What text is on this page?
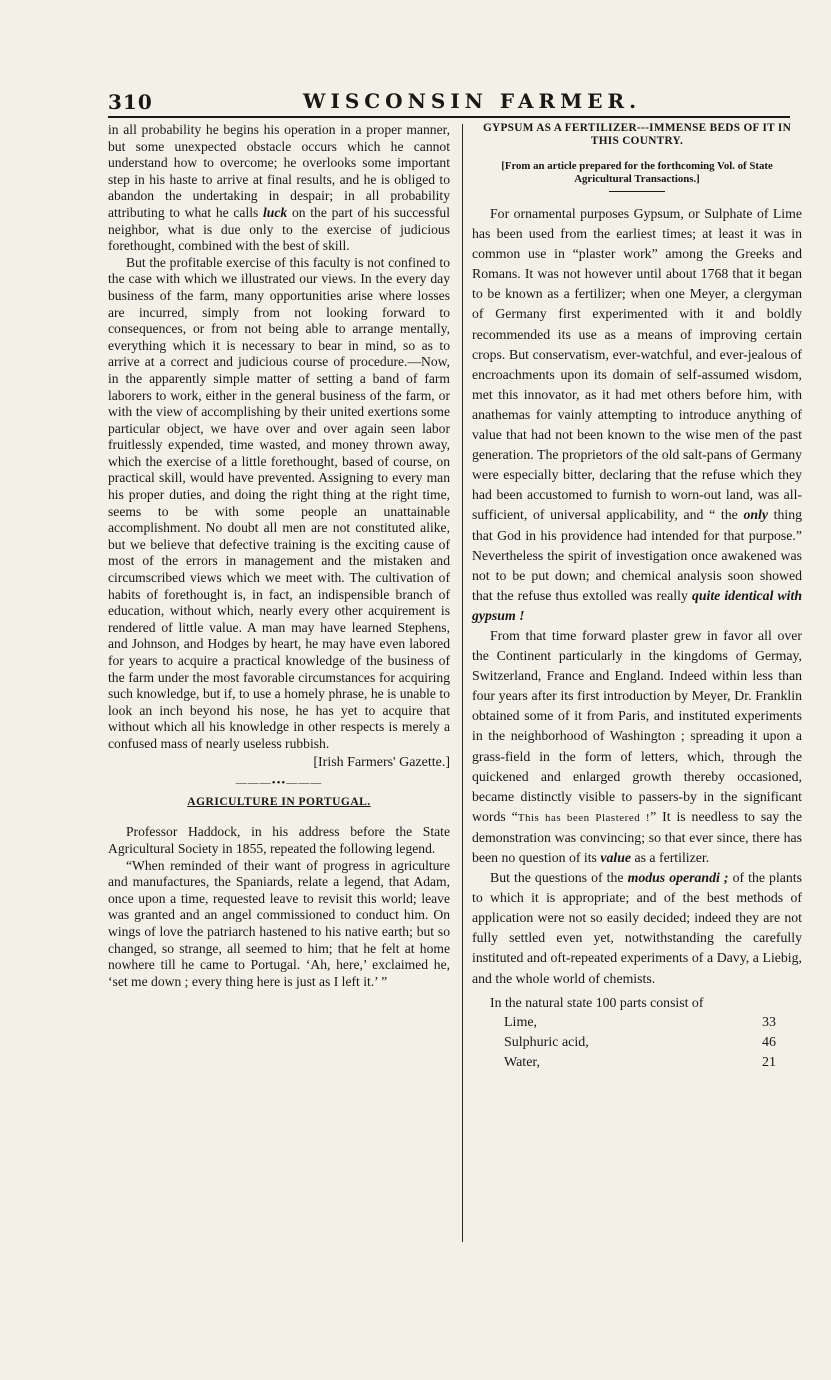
310	WISCONSIN FARMER.

in all probability he begins his operation in a proper manner, but some unexpected obstacle occurs which he cannot understand how to overcome; he overlooks some important step in his haste to arrive at final results, and he is obliged to abandon the undertaking in despair; in all probability attributing to what he calls luck on the part of his successful neighbor, what is due only to the exercise of judicious forethought, combined with the best of skill.

But the profitable exercise of this faculty is not confined to the case with which we illustrated our views. In the every day business of the farm, many opportunities arise where losses are incurred, simply from not looking forward to consequences, or from not being able to arrange mentally, everything which it is necessary to bear in mind, so as to arrive at a correct and judicious course of procedure.—Now, in the apparently simple matter of setting a band of farm laborers to work, either in the general business of the farm, or with the view of accomplishing by their united exertions some particular object, we have over and over again seen labor fruitlessly expended, time wasted, and money thrown away, which the exercise of a little forethought, based of course, on practical skill, would have prevented. Assigning to every man his proper duties, and doing the right thing at the right time, seems to be with some people an unattainable accomplishment. No doubt all men are not constituted alike, but we believe that defective training is the exciting cause of most of the errors in management and the mistaken and circumscribed views which we meet with. The cultivation of habits of forethought is, in fact, an indispensible branch of education, without which, nearly every other acquirement is rendered of little value. A man may have learned Stephens, and Johnson, and Hodges by heart, he may have even labored for years to acquire a practical knowledge of the business of the farm under the most favorable circumstances for acquiring such knowledge, but if, to use a homely phrase, he is unable to look an inch beyond his nose, he has yet to acquire that without which all his knowledge in other respects is merely a confused mass of nearly useless rubbish.

[Irish Farmers' Gazette.]

———•••———
AGRICULTURE IN PORTUGAL.

Professor Haddock, in his address before the State Agricultural Society in 1855, repeated the following legend.

“When reminded of their want of progress in agriculture and manufactures, the Spaniards, relate a legend, that Adam, once upon a time, requested leave to revisit this world; leave was granted and an angel commissioned to conduct him. On wings of love the patriarch hastened to his native earth; but so changed, so strange, all seemed to him; that he felt at home nowhere till he came to Portugal. ‘Ah, here,’ exclaimed he, ‘set me down ; every thing here is just as I left it.’ ”

GYPSUM AS A FERTILIZER---IMMENSE BEDS OF IT IN THIS COUNTRY.
[From an article prepared for the forthcoming Vol. of State Agricultural Transactions.]

For ornamental purposes Gypsum, or Sulphate of Lime has been used from the earliest times; at least it was in common use in “plaster work” among the Greeks and Romans. It was not however until about 1768 that it began to be known as a fertilizer; when one Meyer, a clergyman of Germany first experimented with it and boldly recommended its use as a means of improving certain crops. But conservatism, ever-watchful, and ever-jealous of encroachments upon its domain of self-assumed wisdom, met this innovator, as it had met others before him, with anathemas for vainly attempting to introduce anything of value that had not been known to the wise men of the past generation. The proprietors of the old salt-pans of Germany were especially bitter, declaring that the refuse which they had been accustomed to furnish to worn-out land, was all-sufficient, of universal applicability, and “ the only thing that God in his providence had intended for that purpose.” Nevertheless the spirit of investigation once awakened was not to be put down; and chemical analysis soon showed that the refuse thus extolled was really quite identical with gypsum !

From that time forward plaster grew in favor all over the Continent particularly in the kingdoms of Germay, Switzerland, France and England. Indeed within less than four years after its first introduction by Meyer, Dr. Franklin obtained some of it from Paris, and instituted experiments in the neighborhood of Washington ; spreading it upon a grass-field in the form of letters, which, through the quickened and enlarged growth thereby occasioned, became distinctly visible to passers-by in the significant words “This has been Plastered !” It is needless to say the demonstration was convincing; so that ever since, there has been no question of its value as a fertilizer.

But the questions of the modus operandi ; of the plants to which it is appropriate; and of the best methods of application were not so easily decided; indeed they are not fully settled even yet, notwithstanding the carefully instituted and oft-repeated experiments of a Davy, a Liebig, and the whole world of chemists.

In the natural state 100 parts consist of

Lime,	33
Sulphuric acid,	46
Water,	21
